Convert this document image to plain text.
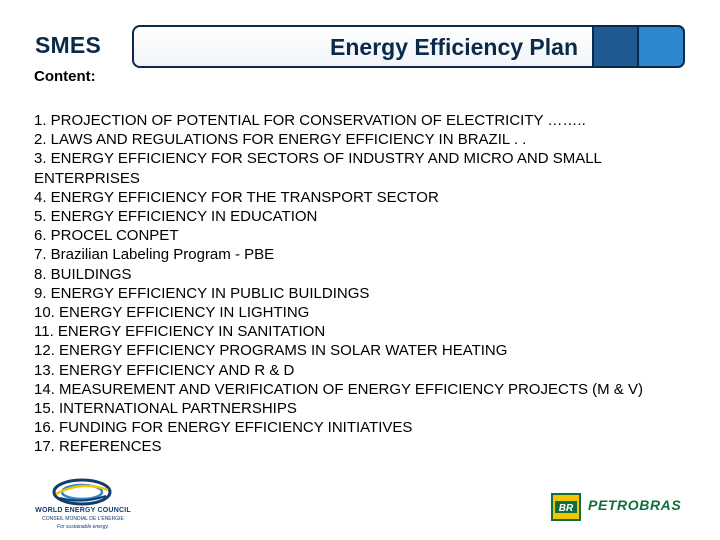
SMES	Energy Efficiency Plan
Content:
1. PROJECTION OF POTENTIAL FOR CONSERVATION OF ELECTRICITY ……..
2. LAWS AND REGULATIONS FOR ENERGY EFFICIENCY IN BRAZIL . .
3. ENERGY EFFICIENCY FOR SECTORS OF INDUSTRY AND MICRO AND SMALL ENTERPRISES
4. ENERGY EFFICIENCY FOR THE TRANSPORT SECTOR
5. ENERGY EFFICIENCY IN EDUCATION
6. PROCEL CONPET
7. Brazilian Labeling Program - PBE
8. BUILDINGS
9. ENERGY EFFICIENCY IN PUBLIC BUILDINGS
10. ENERGY EFFICIENCY IN LIGHTING
11. ENERGY EFFICIENCY IN SANITATION
12. ENERGY EFFICIENCY PROGRAMS IN SOLAR WATER HEATING
13. ENERGY EFFICIENCY AND R & D
14. MEASUREMENT AND VERIFICATION OF ENERGY EFFICIENCY PROJECTS (M & V)
15. INTERNATIONAL PARTNERSHIPS
16. FUNDING FOR ENERGY EFFICIENCY INITIATIVES
17. REFERENCES
WORLD ENERGY COUNCIL
CONSEIL MONDIAL DE L'ENERGIE
For sustainable energy.
BR PETROBRAS
